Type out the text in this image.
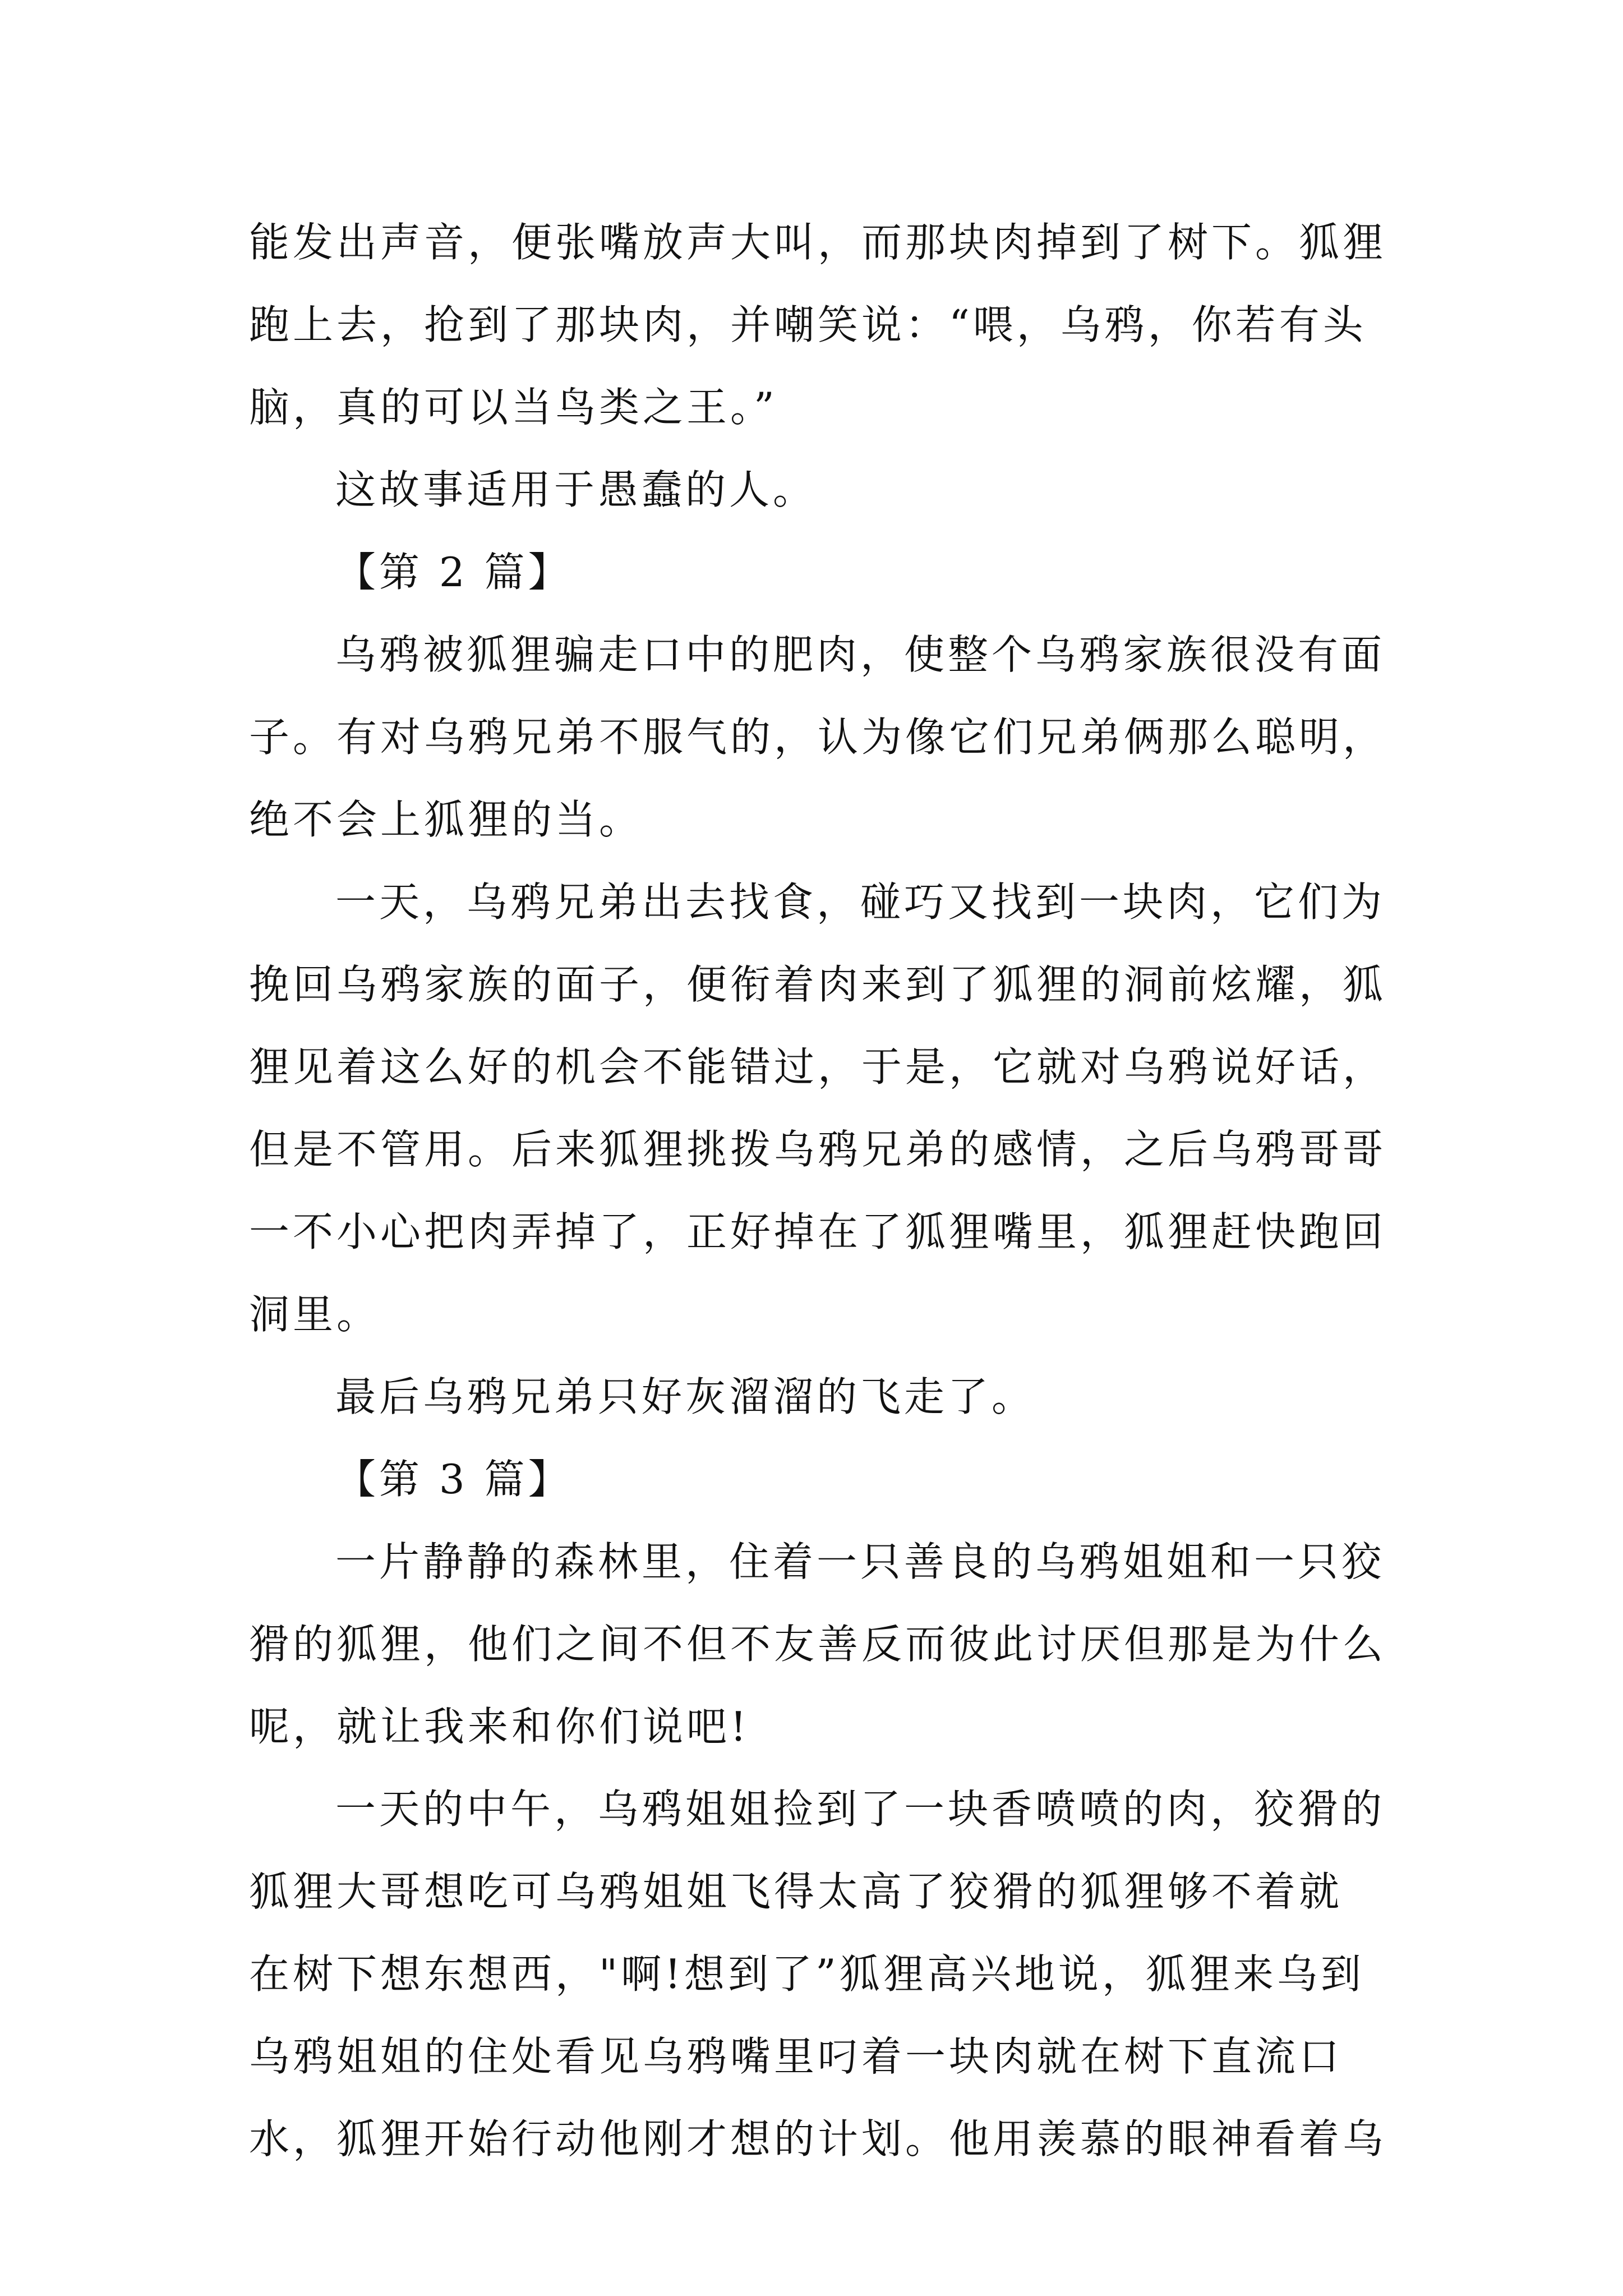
能发出声音，便张嘴放声大叫，而那块肉掉到了树下。狐狸
跑上去，抢到了那块肉，并嘲笑说：“喂，乌鸦，你若有头
脑，真的可以当鸟类之王。”
这故事适用于愚蠢的人。
【第 2 篇】
乌鸦被狐狸骗走口中的肥肉，使整个乌鸦家族很没有面
子。有对乌鸦兄弟不服气的，认为像它们兄弟俩那么聪明，
绝不会上狐狸的当。
一天，乌鸦兄弟出去找食，碰巧又找到一块肉，它们为
挽回乌鸦家族的面子，便衔着肉来到了狐狸的洞前炫耀，狐
狸见着这么好的机会不能错过，于是，它就对乌鸦说好话，
但是不管用。后来狐狸挑拨乌鸦兄弟的感情，之后乌鸦哥哥
一不小心把肉弄掉了，正好掉在了狐狸嘴里，狐狸赶快跑回
洞里。
最后乌鸦兄弟只好灰溜溜的飞走了。
【第 3 篇】
一片静静的森林里，住着一只善良的乌鸦姐姐和一只狡
猾的狐狸，他们之间不但不友善反而彼此讨厌但那是为什么
呢，就让我来和你们说吧!
一天的中午，乌鸦姐姐捡到了一块香喷喷的肉，狡猾的
狐狸大哥想吃可乌鸦姐姐飞得太高了狡猾的狐狸够不着就
在树下想东想西，"啊!想到了”狐狸高兴地说，狐狸来乌到
乌鸦姐姐的住处看见乌鸦嘴里叼着一块肉就在树下直流口
水，狐狸开始行动他刚才想的计划。他用羡慕的眼神看着乌
